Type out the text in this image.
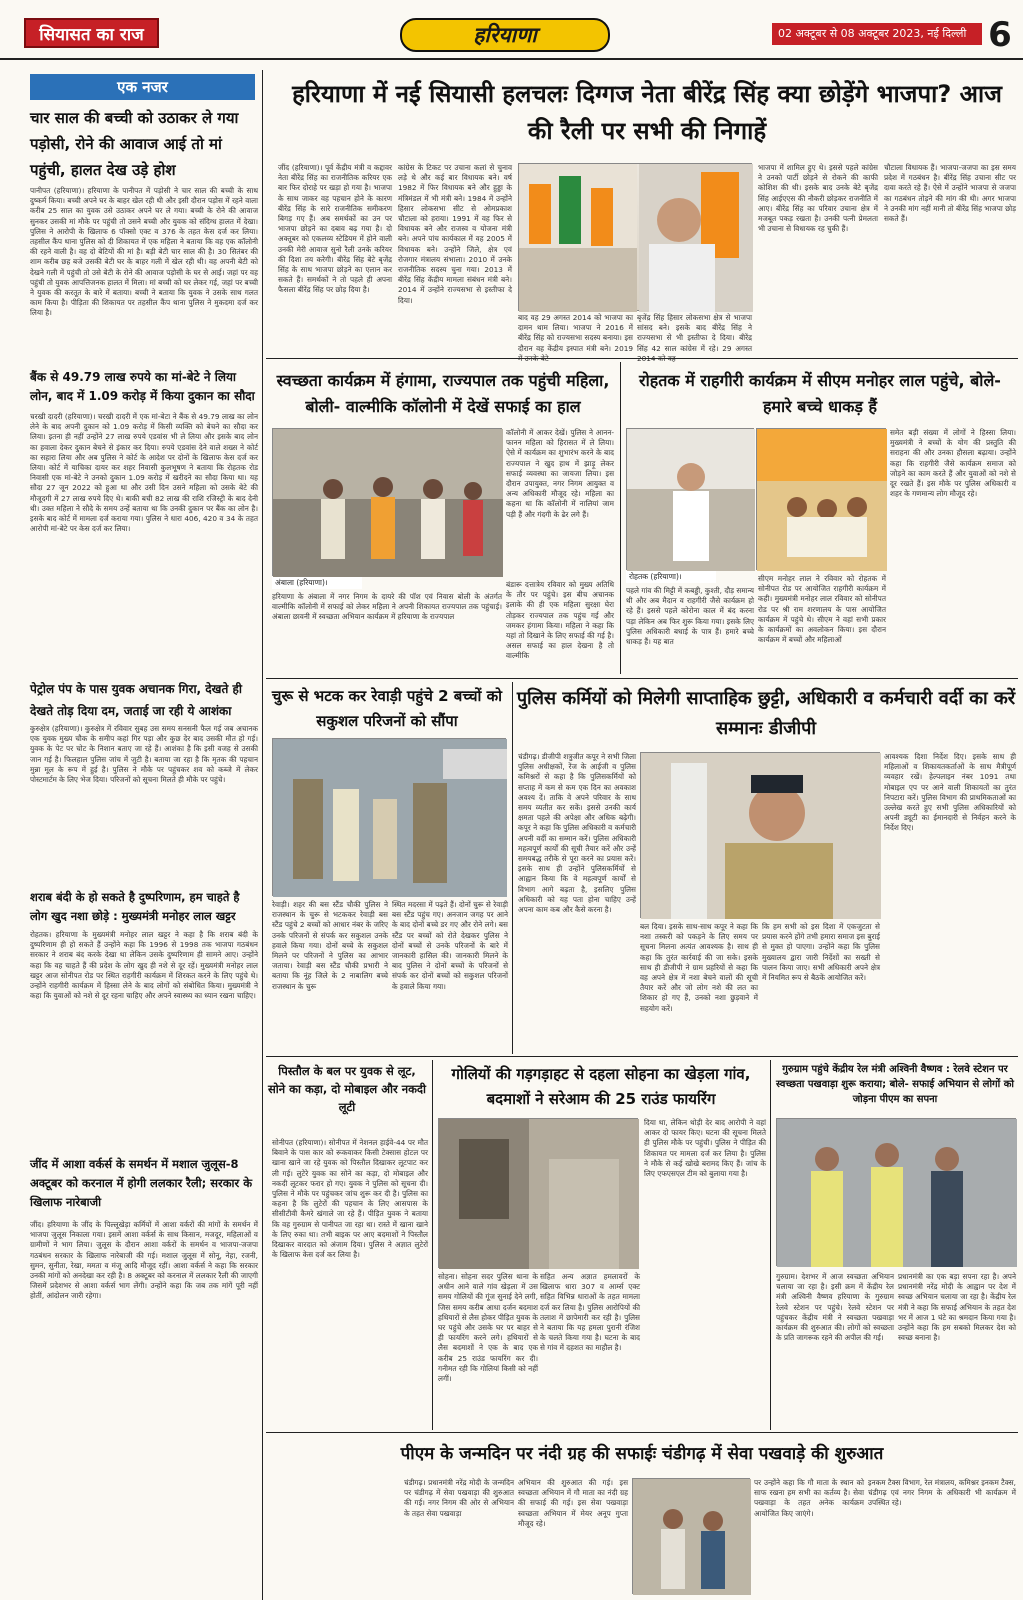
सियासत का राज	हरियाणा	02 अक्टूबर से 08 अक्टूबर 2023, नई दिल्ली 6
एक नजर
चार साल की बच्ची को उठाकर ले गया पड़ोसी, रोने की आवाज आई तो मां पहुंची, हालत देख उड़े होश
पानीपत (हरियाणा)। हरियाणा के पानीपत में पड़ोसी ने चार साल की बच्ची के साथ दुष्कर्म किया। बच्ची अपने घर के बाहर खेल रही थी और इसी दौरान पड़ोस में रहने वाला करीब 25 साल का युवक उसे उठाकर अपने घर ले गया। बच्ची के रोने की आवाज सुनकर उसकी मां मौके पर पहुंची तो उसने बच्ची और युवक को संदिग्ध हालत में देखा। पुलिस ने आरोपी के खिलाफ 6 पॉक्सो एक्ट व 376 के तहत केस दर्ज कर लिया। तहसील कैंप थाना पुलिस को दी शिकायत में एक महिला ने बताया कि वह एक कॉलोनी की रहने वाली है। वह दो बेटियों की मां है। बड़ी बेटी चार साल की है। 30 सितंबर की शाम करीब छह बजे उसकी बेटी घर के बाहर गली में खेल रही थी। वह अपनी बेटी को देखने गली में पहुंची तो उसे बेटी के रोने की आवाज पड़ोसी के घर से आई। जहां पर वह पहुंची तो युवक आपत्तिजनक हालत में मिला। मां बच्ची को घर लेकर गई, जहां पर बच्ची ने युवक की करतूत के बारे में बताया। बच्ची ने बताया कि युवक ने उसके साथ गलत काम किया है। पीड़िता की शिकायत पर तहसील कैंप थाना पुलिस ने मुकदमा दर्ज कर लिया है।
बैंक से 49.79 लाख रुपये का मां-बेटे ने लिया लोन, बाद में 1.09 करोड़ में किया दुकान का सौदा
चरखी दादरी (हरियाणा)। चरखी दादरी में एक मां-बेटा ने बैंक से 49.79 लाख का लोन लेने के बाद अपनी दुकान को 1.09 करोड़ में किसी व्यक्ति को बेचने का सौदा कर लिया। इतना ही नहीं उन्होंने 27 लाख रुपये एडवांस भी ले लिया और इसके बाद लोन का हवाला देकर दुकान बेचने से इंकार कर दिया। रुपये एडवांस देने वाले शख्स ने कोर्ट का सहारा लिया और अब पुलिस ने कोर्ट के आदेश पर दोनों के खिलाफ केस दर्ज कर लिया। कोर्ट में याचिका दायर कर शहर निवासी कुलभूषण ने बताया कि रोहतक रोड निवासी एक मां-बेटे ने उनको दुकान 1.09 करोड़ में खरीदने का सौदा किया था। यह सौदा 27 जून 2022 को हुआ था और उसी दिन उसने महिला को उसके बेटे की मौजूदगी में 27 लाख रुपये दिए थे। बाकी बची 82 लाख की राशि रजिस्ट्री के बाद देनी थी। उक्त महिला ने सौदे के समय उन्हें बताया था कि उनकी दुकान पर बैंक का लोन है। इसके बाद कोर्ट में मामला दर्ज कराया गया। पुलिस ने धारा 406, 420 व 34 के तहत आरोपी मां-बेटे पर केस दर्ज कर लिया।
पेट्रोल पंप के पास युवक अचानक गिरा, देखते ही देखते तोड़ दिया दम, जताई जा रही ये आशंका
कुरुक्षेत्र (हरियाणा)। कुरुक्षेत्र में रविवार सुबह उस समय सनसनी फैल गई जब अचानक एक युवक मुख्य चौक के समीप कहां गिर पड़ा और कुछ देर बाद उसकी मौत हो गई। युवक के पेट पर चोट के निशान बताए जा रहे हैं। आशंका है कि इसी वजह से उसकी जान गई है। फिलहाल पुलिस जांच में जुटी है। बताया जा रहा है कि मृतक की पहचान मुन्ना मूल के रूप में हुई है। पुलिस ने मौके पर पहुंचकर शव को कब्जे में लेकर पोस्टमार्टम के लिए भेज दिया। परिजनों को सूचना मिलते ही मौके पर पहुंचे।
शराब बंदी के हो सकते है दुष्परिणाम, हम चाहते है लोग खुद नशा छोड़े : मुख्यमंत्री मनोहर लाल खट्टर
रोहतक। हरियाणा के मुख्यमंत्री मनोहर लाल खट्टर ने कहा है कि शराब बंदी के दुष्परिणाम ही हो सकते हैं उन्होंने कहा कि 1996 से 1998 तक भाजपा गठबंधन सरकार ने शराब बंद करके देखा था लेकिन उसके दुष्परिणाम ही सामने आए। उन्होंने कहा कि वह चाहते हैं की प्रदेश के लोग खुद ही नशे से दूर रहें। मुख्यमंत्री मनोहर लाल खट्टर आज सोनीपत रोड पर स्थित राहगीरी कार्यक्रम में शिरकत करने के लिए पहुंचे थे। उन्होंने राहगीरी कार्यक्रम में हिस्सा लेने के बाद लोगों को संबोधित किया। मुख्यमंत्री ने कहा कि युवाओं को नशे से दूर रहना चाहिए और अपने स्वास्थ्य का ध्यान रखना चाहिए।
जींद में आशा वर्कर्स के समर्थन में मशाल जुलूस-8 अक्टूबर को करनाल में होगी ललकार रैली; सरकार के खिलाफ नारेबाजी
जींद। हरियाणा के जींद के पिल्लूखेड़ा कर्मियों में आशा वर्करों की मांगों के समर्थन में भाजपा जुलूस निकाला गया। इसमें आशा वर्कर्स के साथ किसान, मजदूर, महिलाओं व ग्रामीणों ने भाग लिया। जुलूस के दौरान आशा वर्करों के समर्थन व भाजपा-जजपा गठबंधन सरकार के खिलाफ नारेबाजी की गई। मशाल जुलूस में सोनू, नेहा, रजनी, सुमन, सुनीता, रेखा, ममता व मंजू आदि मौजूद रहीं। आशा वर्कर्स ने कहा कि सरकार उनकी मांगों को अनदेखा कर रही है। 8 अक्टूबर को करनाल में ललकार रैली की जाएगी जिसमें प्रदेशभर से आशा वर्कर्स भाग लेंगी। उन्होंने कहा कि जब तक मांगें पूरी नहीं होतीं, आंदोलन जारी रहेगा।
हरियाणा में नई सियासी हलचलः दिग्गज नेता बीरेंद्र सिंह क्या छोड़ेंगे भाजपा? आज की रैली पर सभी की निगाहें
जींद (हरियाणा)। पूर्व केंद्रीय मंत्री व कद्दावर नेता बीरेंद्र सिंह का राजनीतिक करियर एक बार फिर दोराहे पर खड़ा हो गया है। भाजपा के साथ जाकर वह पहचान होने के कारण बीरेंद्र सिंह के सारे राजनीतिक समीकरण बिगड़ गए हैं। अब समर्थकों का उन पर भाजपा छोड़ने का दबाव बढ़ गया है। दो अक्तूबर को एकलव्य स्टेडियम में होने वाली उनकी मेरी आवाज सुनो रैली उनके करियर की दिशा तय करेगी। बीरेंद्र सिंह बेटे बृजेंद्र सिंह के साथ भाजपा छोड़ने का एलान कर सकते हैं। समर्थकों ने तो पहले ही अपना फैसला बीरेंद्र सिंह पर छोड़ दिया है।
कांग्रेस के टिकट पर उचाना कलां से चुनाव लड़े थे और कई बार विधायक बने। वर्ष 1982 में फिर विधायक बने और हुड्डा के मंत्रिमंडल में भी मंत्री बने। 1984 में उन्होंने हिसार लोकसभा सीट से ओमप्रकाश चौटाला को हराया। 1991 में वह फिर से विधायक बने और राजस्व व योजना मंत्री बने। अपने पांच कार्यकाल में वह 2005 में विधायक बने। उन्होंने जिले, क्षेत्र एवं रोजगार मंत्रालय संभाला। 2010 में उनके राजनीतिक सदस्य चुना गया। 2013 में बीरेंद्र सिंह केंद्रीय मामला संबंधन मंत्री बने। 2014 में उन्होंने राज्यसभा से इस्तीफा दे दिया।
बाद वह 29 अगस्त 2014 को भाजपा का दामन थाम लिया। भाजपा ने 2016 में बीरेंद्र सिंह को राज्यसभा सदस्य बनाया। इस दौरान वह केंद्रीय इस्पात मंत्री बने। 2019
बृजेंद्र सिंह हिसार लोकसभा क्षेत्र से भाजपा सांसद बने। इसके बाद बीरेंद्र सिंह ने राज्यसभा से भी इस्तीफा दे दिया। बीरेंद्र सिंह 42 साल कांग्रेस में रहे। 29 अगस्त
भाजपा में शामिल हुए थे। इससे पहले कांग्रेस ने उनको पार्टी छोड़ने से रोकने की काफी कोशिश की थी। इसके बाद उनके बेटे बृजेंद्र सिंह आईएएस की नौकरी छोड़कर राजनीति में आए। बीरेंद्र सिंह का परिवार उचाना क्षेत्र में मजबूत पकड़ रखता है। उनकी पत्नी प्रेमलता भी उचाना से विधायक रह चुकी हैं।
चौटाला विधायक हैं। भाजपा-जजपा का इस समय प्रदेश में गठबंधन है। बीरेंद्र सिंह उचाना सीट पर दावा करते रहे हैं। ऐसे में उन्होंने भाजपा से जजपा का गठबंधन तोड़ने की मांग की थी। अगर भाजपा ने उनकी मांग नहीं मानी तो बीरेंद्र सिंह भाजपा छोड़ सकते हैं।
स्वच्छता कार्यक्रम में हंगामा, राज्यपाल तक पहुंची महिला, बोली- वाल्मीकि कॉलोनी में देखें सफाई का हाल
अंबाला (हरियाणा)।
हरियाणा के अंबाला में नगर निगम के दायरे की पॉश एवं निवास बोली के अंतर्गत वाल्मीकि कॉलोनी में सफाई को लेकर महिला ने अपनी शिकायत राज्यपाल तक पहुंचाई। अंबाला छावनी में स्वच्छता अभियान कार्यक्रम में हरियाणा के राज्यपाल
बंडारू दत्तात्रेय रविवार को मुख्य अतिथि के तौर पर पहुंचे। इस बीच अचानक इलाके की ही एक महिला सुरक्षा घेरा तोड़कर राज्यपाल तक पहुंच गई और जमकर हंगामा किया। महिला ने कहा कि यहां तो दिखाने के लिए सफाई की गई है। असल सफाई का हाल देखना है तो वाल्मीकि
कॉलोनी में आकर देखें। पुलिस ने आनन-फानन महिला को हिरासत में ले लिया। ऐसे में कार्यक्रम का शुभारंभ करने के बाद राज्यपाल ने खुद हाथ में झाड़ू लेकर सफाई व्यवस्था का जायजा लिया। इस दौरान उपायुक्त, नगर निगम आयुक्त व अन्य अधिकारी मौजूद रहे। महिला का कहना था कि कॉलोनी में नालियां जाम पड़ी हैं और गंदगी के ढेर लगे हैं।
रोहतक में राहगीरी कार्यक्रम में सीएम मनोहर लाल पहुंचे, बोले- हमारे बच्चे धाकड़ हैं
रोहतक (हरियाणा)।
पहले गांव की मिट्टी में कबड्डी, कुश्ती, दौड़ समान्य थी और अब मैदान व राहगीरी जैसे कार्यक्रम हो रहे हैं। इससे पहले कोरोना काल में बंद करना पड़ा लेकिन अब फिर शुरू किया गया। इसके लिए पुलिस अधिकारी बधाई के पात्र हैं। हमारे बच्चे धाकड़ हैं। यह बात
सीएम मनोहर लाल ने रविवार को रोहतक में सोनीपत रोड पर आयोजित राहगीरी कार्यक्रम में कही। मुख्यमंत्री मनोहर लाल रविवार को सोनीपत रोड पर श्री राम शरणालय के पास आयोजित कार्यक्रम में पहुंचे थे। सीएम ने वहां सभी प्रकार के कार्यक्रमों का अवलोकन किया। इस दौरान कार्यक्रम में बच्चों और महिलाओं
समेत बड़ी संख्या में लोगों ने हिस्सा लिया। मुख्यमंत्री ने बच्चों के योग की प्रस्तुति की सराहना की और उनका हौसला बढ़ाया। उन्होंने कहा कि राहगीरी जैसे कार्यक्रम समाज को जोड़ने का काम करते हैं और युवाओं को नशे से दूर रखते हैं। इस मौके पर पुलिस अधिकारी व शहर के गणमान्य लोग मौजूद रहे।
चुरू से भटक कर रेवाड़ी पहुंचे 2 बच्चों को सकुशल परिजनों को सौंपा
रेवाड़ी। शहर की बस स्टैंड चौकी पुलिस ने राजस्थान के चुरू से भटककर रेवाड़ी बस स्टैंड पहुंचे 2 बच्चों को आधार नंबर के जरिए उनके परिजनों से संपर्क कर सकुशल उनके हवाले किया गया। दोनों बच्चे के सकुशल मिलने पर परिजनों ने पुलिस का आभार जताया। रेवाड़ी बस स्टैंड चौकी प्रभारी ने बताया कि नूंह जिले के 2 नाबालिग बच्चे राजस्थान के चुरू
स्थित मदरसा में पढ़ते हैं। दोनों चुरू से रेवाड़ी बस स्टैंड पहुंच गए। अनजान जगह पर आने के बाद दोनों बच्चे डर गए और रोने लगे। बस स्टैंड पर बच्चों को रोते देखकर पुलिस ने दोनों बच्चों से उनके परिजनों के बारे में जानकारी हासिल की। जानकारी मिलने के बाद पुलिस ने दोनों बच्चों के परिजनों से संपर्क कर दोनों बच्चों को सकुशल परिजनों के हवाले किया गया।
पुलिस कर्मियों को मिलेगी साप्ताहिक छुट्टी, अधिकारी व कर्मचारी वर्दी का करें सम्मानः डीजीपी
चंडीगढ़। डीजीपी शत्रुजीत कपूर ने सभी जिला पुलिस अधीक्षकों, रेंज के आईजी व पुलिस कमिश्नरों से कहा है कि पुलिसकर्मियों को सप्ताह में कम से कम एक दिन का अवकाश अवश्य दें। ताकि वे अपने परिवार के साथ समय व्यतीत कर सकें। इससे उनकी कार्य क्षमता पहले की अपेक्षा और अधिक बढ़ेगी। कपूर ने कहा कि पुलिस अधिकारी व कर्मचारी अपनी वर्दी का सम्मान करें। पुलिस अधिकारी महत्वपूर्ण कार्यों की सूची तैयार करें और उन्हें समयबद्ध तरीके से पूरा करने का प्रयास करें। इसके साथ ही उन्होंने पुलिसकर्मियों से आह्वान किया कि वे महत्वपूर्ण कार्यों से विभाग आगे बढ़ता है, इसलिए पुलिस अधिकारी को यह पता होना चाहिए उन्हें अपना काम कब और कैसे करना है।
बल दिया। इसके साथ-साथ कपूर ने कहा कि नशा तस्करी को पकड़ने के लिए समय पर सूचना मिलना अत्यंत आवश्यक है। साथ ही कहा कि तुरंत कार्रवाई की जा सके। इसके साथ ही डीजीपी ने ग्राम प्रहरियों से कहा कि वह अपने क्षेत्र में नशा बेचने वालों की सूची तैयार करें और जो लोग नशे की लत का शिकार हो गए हैं, उनको नशा छुड़वाने में सहयोग करें।
कि हम सभी को इस दिशा में एकजुटता से प्रयास करने होंगे तभी हमारा समाज इस बुराई से मुक्त हो पाएगा। उन्होंने कहा कि पुलिस मुख्यालय द्वारा जारी निर्देशों का सख्ती से पालन किया जाए। सभी अधिकारी अपने क्षेत्र में नियमित रूप से बैठकें आयोजित करें।
आवश्यक दिशा निर्देश दिए। इसके साथ ही महिलाओं व शिकायतकर्ताओं के साथ मैत्रीपूर्ण व्यवहार रखें। हेल्पलाइन नंबर 1091 तथा मोबाइल एप पर आने वाली शिकायतों का तुरंत निपटारा करें। पुलिस विभाग की प्राथमिकताओं का उल्लेख करते हुए सभी पुलिस अधिकारियों को अपनी ड्यूटी का ईमानदारी से निर्वहन करने के निर्देश दिए।
पिस्तौल के बल पर युवक से लूट, सोने का कड़ा, दो मोबाइल और नकदी लूटी
सोनीपत (हरियाणा)। सोनीपत में नेशनल हाईवे-44 पर मौत बिवाने के पास कार को रूकवाकर किसी टेक्सास होटल पर खाना खाने जा रहे युवक को पिस्तौल दिखाकर लूटपाट कर ली गई। लुटेरे युवक का सोने का कड़ा, दो मोबाइल और नकदी लूटकर फरार हो गए। युवक ने पुलिस को सूचना दी। पुलिस ने मौके पर पहुंचकर जांच शुरू कर दी है। पुलिस का कहना है कि लुटेरों की पहचान के लिए आसपास के सीसीटीवी कैमरे खंगाले जा रहे हैं। पीड़ित युवक ने बताया कि वह गुरुग्राम से पानीपत जा रहा था। रास्ते में खाना खाने के लिए रुका था। तभी बाइक पर आए बदमाशों ने पिस्तौल दिखाकर वारदात को अंजाम दिया। पुलिस ने अज्ञात लुटेरों के खिलाफ केस दर्ज कर लिया है।
गोलियों की गड़गड़ाहट से दहला सोहना का खेड़ला गांव, बदमाशों ने सरेआम की 25 राउंड फायरिंग
सोहना। सोहना सदर पुलिस थाना के अधीन आने वाले गांव खेड़ला में उस समय गोलियों की गूंज सुनाई देने लगी, जिस समय करीब आधा दर्जन बदमाश हथियारों से लैस होकर पीड़ित युवक के घर पहुंचे और उसके घर पर बाहर से ही फायरिंग करने लगे। हथियारों से लैस बदमाशों ने एक के बाद एक करीब 25 राउंड फायरिंग कर दी। गनीमत रही कि गोलियां किसी को नहीं लगीं।
सहित अन्य अज्ञात हमलावरों के खिलाफ धारा 307 व आर्म्स एक्ट सहित विभिन्न धाराओं के तहत मामला दर्ज कर लिया है। पुलिस आरोपियों की तलाश में छापेमारी कर रही है। पुलिस ने बताया कि यह हमला पुरानी रंजिश के चलते किया गया है। घटना के बाद से गांव में दहशत का माहौल है।
दिया था, लेकिन थोड़ी देर बाद आरोपी ने वहां आकर दो फायर किए। घटना की सूचना मिलते ही पुलिस मौके पर पहुंची। पुलिस ने पीड़ित की शिकायत पर मामला दर्ज कर लिया है। पुलिस ने मौके से कई खोखे बरामद किए हैं। जांच के लिए एफएसएल टीम को बुलाया गया है।
गुरुग्राम पहुंचे केंद्रीय रेल मंत्री अश्विनी वैष्णव : रेलवे स्टेशन पर स्वच्छता पखवाड़ा शुरू कराया; बोले- सफाई अभियान से लोगों को जोड़ना पीएम का सपना
गुरुग्राम। देशभर में आज स्वच्छता अभियान चलाया जा रहा है। इसी क्रम में केंद्रीय रेल मंत्री अश्विनी वैष्णव हरियाणा के गुरुग्राम रेलवे स्टेशन पर पहुंचे। रेलवे स्टेशन पर पहुंचकर केंद्रीय मंत्री ने स्वच्छता पखवाड़ा कार्यक्रम की शुरुआत की। लोगों को स्वच्छता के प्रति जागरूक रहने की अपील की गई।
प्रधानमंत्री का एक बड़ा सपना रहा है। अपने प्रधानमंत्री नरेंद्र मोदी के आह्वान पर देश में स्वच्छ अभियान चलाया जा रहा है। केंद्रीय रेल मंत्री ने कहा कि सफाई अभियान के तहत देश भर में आज 1 घंटे का श्रमदान किया गया है। उन्होंने कहा कि हम सबको मिलकर देश को स्वच्छ बनाना है।
पीएम के जन्मदिन पर नंदी ग्रह की सफाईः चंडीगढ़ में सेवा पखवाड़े की शुरुआत
चंडीगढ़। प्रधानमंत्री नरेंद्र मोदी के जन्मदिन पर चंडीगढ़ में सेवा पखवाड़ा की शुरुआत की गई। नगर निगम की ओर से अभियान के तहत सेवा पखवाड़ा
अभियान की शुरुआत की गई। इस स्वच्छता अभियान में गौ माता का नंदी ग्रह की सफाई की गई। इस सेवा पखवाड़ा स्वच्छता अभियान में मेयर अनूप गुप्ता मौजूद रहे।
पर उन्होंने कहा कि गौ माता के स्थान को साफ रखना हम सभी का कर्तव्य है। सेवा पखवाड़ा के तहत अनेक कार्यक्रम आयोजित किए जाएंगे।
इनकम टैक्स विभाग, रेल मंत्रालय, कमिश्नर इनकम टैक्स, चंडीगढ़ एवं नगर निगम के अधिकारी भी कार्यक्रम में उपस्थित रहे।
